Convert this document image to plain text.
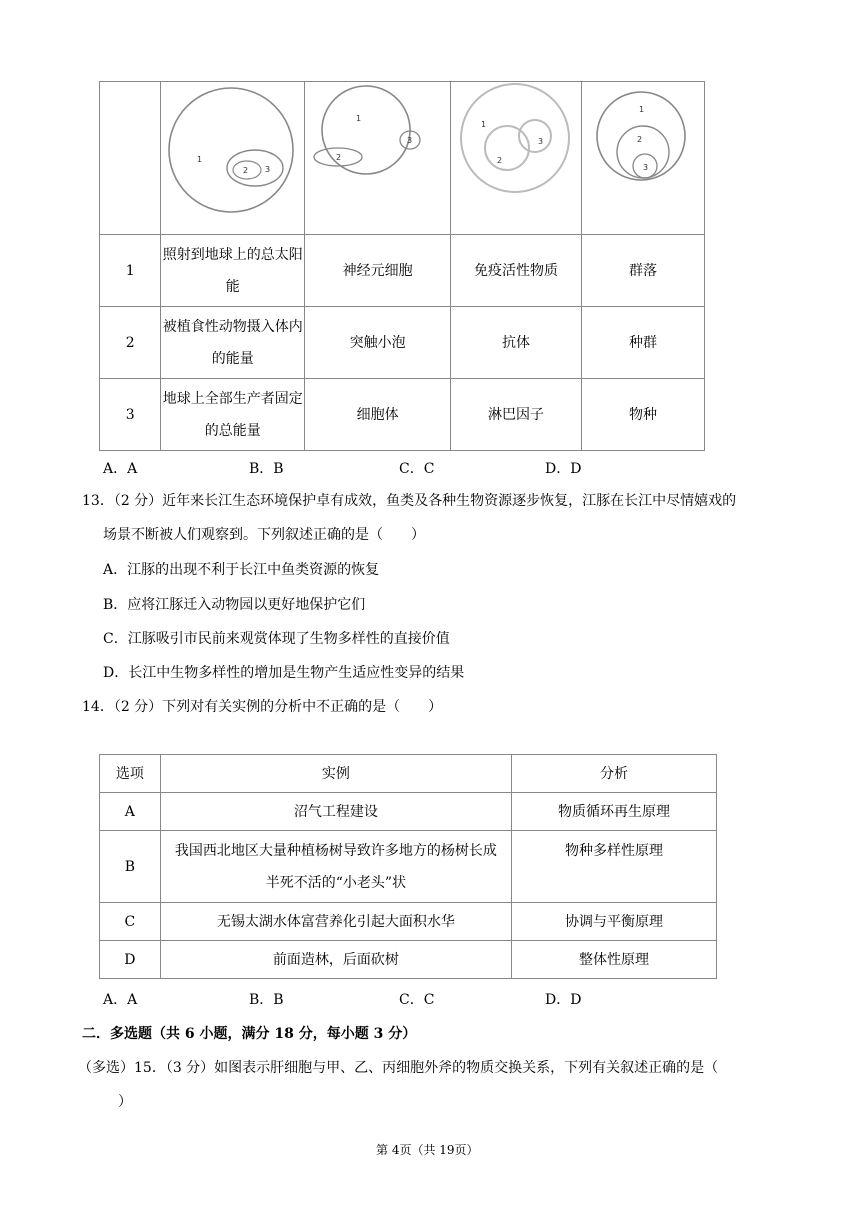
1
2 3	1
2
3	1
2
3	1
2
3

1	照射到地球上的总太阳能	神经元细胞	免疫活性物质	群落
2	被植食性动物摄入体内的能量	突触小泡	抗体	种群
3	地球上全部生产者固定的总能量	细胞体	淋巴因子	物种
A．A	B．B	C．C	D．D
13．（2 分）近年来长江生态环境保护卓有成效，鱼类及各种生物资源逐步恢复，江豚在长江中尽情嬉戏的
场景不断被人们观察到。下列叙述正确的是（　　）
A．江豚的出现不利于长江中鱼类资源的恢复
B．应将江豚迁入动物园以更好地保护它们
C．江豚吸引市民前来观赏体现了生物多样性的直接价值
D．长江中生物多样性的增加是生物产生适应性变异的结果
14．（2 分）下列对有关实例的分析中不正确的是（　　）
选项	实例	分析
A	沼气工程建设	物质循环再生原理
B	我国西北地区大量种植杨树导致许多地方的杨树长成半死不活的“小老头”状	物种多样性原理
C	无锡太湖水体富营养化引起大面积水华	协调与平衡原理
D	前面造林，后面砍树	整体性原理
A．A	B．B	C．C	D．D
二．多选题（共 6 小题，满分 18 分，每小题 3 分）
（多选）15．（3 分）如图表示肝细胞与甲、乙、丙细胞外斧的物质交换关系，下列有关叙述正确的是（
）
第 4页（共 19页）
